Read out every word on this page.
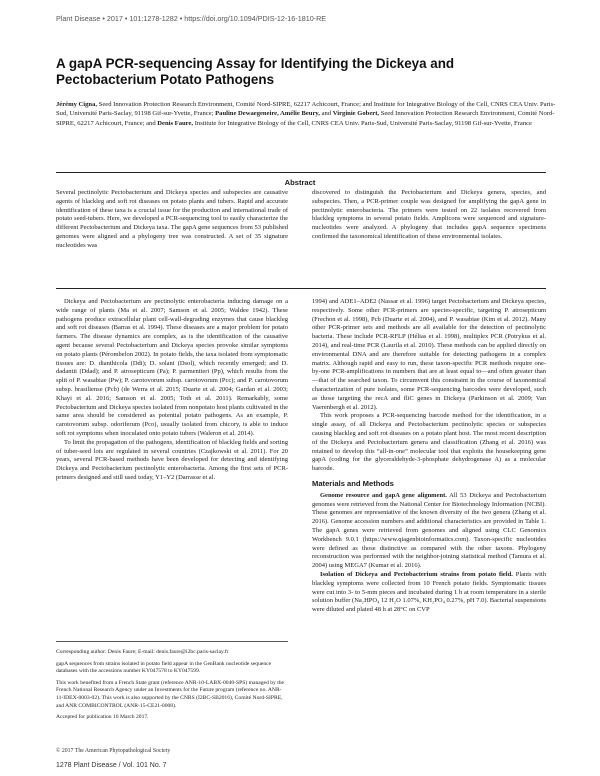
Plant Disease • 2017 • 101:1278-1282 • https://doi.org/10.1094/PDIS-12-16-1810-RE
A gapA PCR-sequencing Assay for Identifying the Dickeya and Pectobacterium Potato Pathogens
Jérémy Cigna, Seed Innovation Protection Research Environment, Comité Nord-SIPRE, 62217 Achicourt, France; and Institute for Integrative Biology of the Cell, CNRS CEA Univ. Paris-Sud, Université Paris-Saclay, 91198 Gif-sur-Yvette, France; Pauline Dewaegeneire, Amélie Beury, and Virginie Gobert, Seed Innovation Protection Research Environment, Comité Nord-SIPRE, 62217 Achicourt, France; and Denis Faure, Institute for Integrative Biology of the Cell, CNRS CEA Univ. Paris-Sud, Université Paris-Saclay, 91198 Gif-sur-Yvette, France
Abstract

Several pectinolytic Pectobacterium and Dickeya species and subspecies are causative agents of blackleg and soft rot diseases on potato plants and tubers. Rapid and accurate identification of these taxa is a crucial issue for the production and international trade of potato seed-tubers. Here, we developed a PCR-sequencing tool to easily characterize the different Pectobacterium and Dickeya taxa. The gapA gene sequences from 53 published genomes were aligned and a phylogeny tree was constructed. A set of 35 signature nucleotides was

discovered to distinguish the Pectobacterium and Dickeya genera, species, and subspecies. Then, a PCR-primer couple was designed for amplifying the gapA gene in pectinolytic enterobacteria. The primers were tested on 22 isolates recovered from blackleg symptoms in several potato fields. Amplicons were sequenced and signature-nucleotides were analyzed. A phylogeny that includes gapA sequence specimens confirmed the taxonomical identification of these environmental isolates.

Dickeya and Pectobacterium are pectinolytic enterobacteria inducing damage on a wide range of plants (Ma et al. 2007; Samson et al. 2005; Waldee 1942). These pathogens produce extracellular plant cell-wall-degrading enzymes that cause blackleg and soft rot diseases (Barras et al. 1994). These diseases are a major problem for potato farmers. The disease dynamics are complex, as is the identification of the causative agent because several Pectobacterium and Dickeya species provoke similar symptoms on potato plants (Pérombelon 2002). In potato fields, the taxa isolated from symptomatic tissues are: D. dianthicola (Ddi); D. solani (Dsol), which recently emerged; and D. dadantii (Ddad); and P. atrosepticum (Pa); P. parmentieri (Pp), which results from the split of P. wasabiae (Pw); P. carotovorum subsp. carotovorum (Pcc); and P. carotovorum subsp. brasiliense (Pcb) (de Werra et al. 2015; Duarte et al. 2004; Gardan et al. 2003; Khayi et al. 2016; Samson et al. 2005; Toth et al. 2011). Remarkably, some Pectobacterium and Dickeya species isolated from nonpotato host plants cultivated in the same area should be considered as potential potato pathogens. As an example, P. carotovorum subsp. odoriferum (Pco), usually isolated from chicory, is able to induce soft rot symptoms when inoculated onto potato tubers (Waleron et al. 2014).

To limit the propagation of the pathogens, identification of blackleg fields and sorting of tuber-seed lots are regulated in several countries (Czajkowski et al. 2011). For 20 years, several PCR-based methods have been developed for detecting and identifying Dickeya and Pectobacterium pectinolytic enterobacteria. Among the first sets of PCR-primers designed and still used today, Y1–Y2 (Darrasse et al.

1994) and ADE1–ADE2 (Nassar et al. 1996) target Pectobacterium and Dickeya species, respectively. Some other PCR-primers are species-specific, targeting P. atrosepticum (Frechon et al. 1998), Pcb (Duarte et al. 2004), and P. wasabiae (Kim et al. 2012). Many other PCR-primer sets and methods are all available for the detection of pectinolytic bacteria. These include PCR-RFLP (Hélias et al. 1998), multiplex PCR (Potrykus et al. 2014), and real-time PCR (Laurila et al. 2010). These methods can be applied directly on environmental DNA and are therefore suitable for detecting pathogens in a complex matrix. Although rapid and easy to run, these taxon-specific PCR methods require one-by-one PCR-amplifications in numbers that are at least equal to—and often greater than—that of the searched taxon. To circumvent this constraint in the course of taxonomical characterization of pure isolates, some PCR-sequencing barcodes were developed, such as those targeting the recA and fliC genes in Dickeya (Parkinson et al. 2009; Van Vaerenbergh et al. 2012).

This work proposes a PCR-sequencing barcode method for the identification, in a single assay, of all Dickeya and Pectobacterium pectinolytic species or subspecies causing blackleg and soft rot diseases on a potato plant host. The most recent description of the Dickeya and Pectobacterium genera and classification (Zhang et al. 2016) was retained to develop this “all-in-one” molecular tool that exploits the housekeeping gene gapA (coding for the glyceraldehyde-3-phosphate dehydrogenase A) as a molecular barcode.

Materials and Methods

Genome resource and gapA gene alignment. All 53 Dickeya and Pectobacterium genomes were retrieved from the National Center for Biotechnology Information (NCBI). These genomes are representative of the known diversity of the two genera (Zhang et al. 2016). Genome accession numbers and additional characteristics are provided in Table 1. The gapA genes were retrieved from genomes and aligned using CLC Genomics Workbench 9.0.1 (https://www.qiagenbioinformatics.com). Taxon-specific nucleotides were defined as those distinctive as compared with the other taxons. Phylogeny reconstruction was performed with the neighbor-joining statistical method (Tamura et al. 2004) using MEGA7 (Kumar et al. 2016).

Isolation of Dickeya and Pectobacterium strains from potato field. Plants with blackleg symptoms were collected from 10 French potato fields. Symptomatic tissues were cut into 3- to 5-mm pieces and incubated during 1 h at room temperature in a sterile solution buffer (Na₂HPO₄ 12 H₂O 1.07%, KH₂PO₄ 0.27%, pH 7.0). Bacterial suspensions were diluted and plated 48 h at 28°C on CVP

Corresponding author: Denis Faure; E-mail: denis.faure@i2bc.paris-saclay.fr

gapA sequences from strains isolated in potato field appear in the GenBank nucleotide sequence databases with the accessions number KY047578 to KY047599.

This work benefited from a French State grant (reference ANR-10-LABX-0040-SPS) managed by the French National Research Agency under an Investments for the Future program (reference no. ANR-11-IDEX-0003-02). This work is also supported by the CNRS (I2BC-SB2016), Comité Nord-SIPRE, and ANR COMBICONTROL (ANR-15-CE21-0008).

Accepted for publication 16 March 2017.

© 2017 The American Phytopathological Society
1278 Plant Disease / Vol. 101 No. 7
